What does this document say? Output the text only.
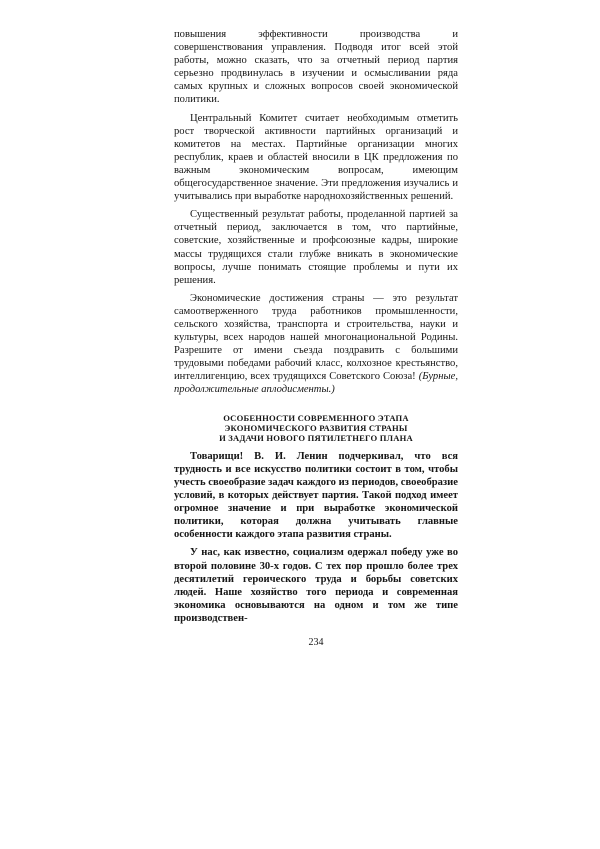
повышения эффективности производства и совершенствования управления. Подводя итог всей этой работы, можно сказать, что за отчетный период партия серьезно продвинулась в изучении и осмысливании ряда самых крупных и сложных вопросов своей экономической политики.

Центральный Комитет считает необходимым отметить рост творческой активности партийных организаций и комитетов на местах. Партийные организации многих республик, краев и областей вносили в ЦК предложения по важным экономическим вопросам, имеющим общегосударственное значение. Эти предложения изучались и учитывались при выработке народнохозяйственных решений.

Существенный результат работы, проделанной партией за отчетный период, заключается в том, что партийные, советские, хозяйственные и профсоюзные кадры, широкие массы трудящихся стали глубже вникать в экономические вопросы, лучше понимать стоящие проблемы и пути их решения.

Экономические достижения страны — это результат самоотверженного труда работников промышленности, сельского хозяйства, транспорта и строительства, науки и культуры, всех народов нашей многонациональной Родины. Разрешите от имени съезда поздравить с большими трудовыми победами рабочий класс, колхозное крестьянство, интеллигенцию, всех трудящихся Советского Союза! (Бурные, продолжительные аплодисменты.)

ОСОБЕННОСТИ СОВРЕМЕННОГО ЭТАПА
ЭКОНОМИЧЕСКОГО РАЗВИТИЯ СТРАНЫ
И ЗАДАЧИ НОВОГО ПЯТИЛЕТНЕГО ПЛАНА

Товарищи! В. И. Ленин подчеркивал, что вся трудность и все искусство политики состоит в том, чтобы учесть своеобразие задач каждого из периодов, своеобразие условий, в которых действует партия. Такой подход имеет огромное значение и при выработке экономической политики, которая должна учитывать главные особенности каждого этапа развития страны.

У нас, как известно, социализм одержал победу уже во второй половине 30-х годов. С тех пор прошло более трех десятилетий героического труда и борьбы советских людей. Наше хозяйство того периода и современная экономика основываются на одном и том же типе производствен-

234
